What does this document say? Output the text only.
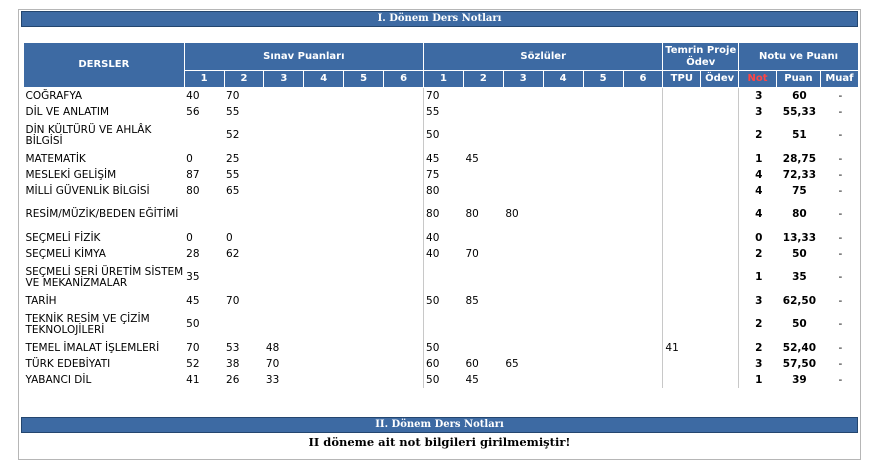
I. Dönem Ders Notları
DERSLER	Sınav Puanları						Sözlüler						Temrin Proje Ödev		Notu ve Puanı		
	1	2	3	4	5	6	1	2	3	4	5	6	TPU	Ödev	Not	Puan	Muaf
COĞRAFYA	40	70					70								3	60	-
DİL VE ANLATIM	56	55					55								3	55,33	-
DİN KÜLTÜRÜ VE AHLÂK BİLGİSİ		52					50								2	51	-
MATEMATİK	0	25					45	45							1	28,75	-
MESLEKİ GELİŞİM	87	55					75								4	72,33	-
MİLLİ GÜVENLİK BİLGİSİ	80	65					80								4	75	-
RESİM/MÜZİK/BEDEN EĞİTİMİ							80	80	80						4	80	-
SEÇMELİ FİZİK	0	0					40								0	13,33	-
SEÇMELİ KİMYA	28	62					40	70							2	50	-
SEÇMELİ SERİ ÜRETİM SİSTEM VE MEKANİZMALAR	35														1	35	-
TARİH	45	70					50	85							3	62,50	-
TEKNİK RESİM VE ÇİZİM TEKNOLOJİLERİ	50														2	50	-
TEMEL İMALAT İŞLEMLERİ	70	53	48				50						41		2	52,40	-
TÜRK EDEBİYATI	52	38	70				60	60	65						3	57,50	-
YABANCI DİL	41	26	33				50	45							1	39	-
II. Dönem Ders Notları
II döneme ait not bilgileri girilmemiştir!
